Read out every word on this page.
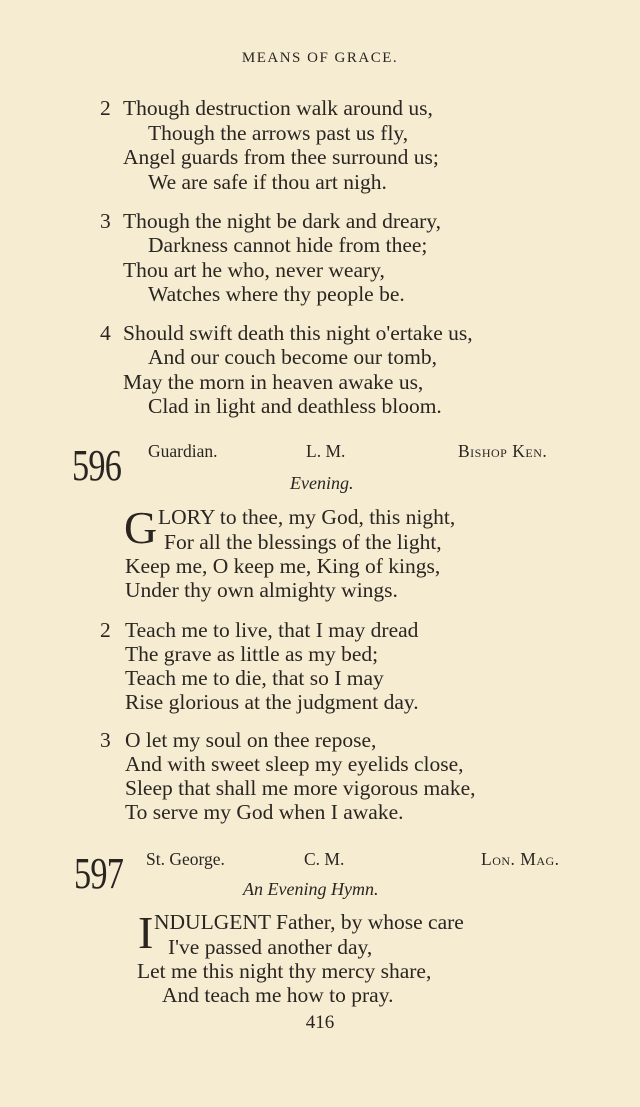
MEANS OF GRACE.
2 Though destruction walk around us,
Though the arrows past us fly,
Angel guards from thee surround us;
We are safe if thou art nigh.
3 Though the night be dark and dreary,
Darkness cannot hide from thee;
Thou art he who, never weary,
Watches where thy people be.
4 Should swift death this night o'ertake us,
And our couch become our tomb,
May the morn in heaven awake us,
Clad in light and deathless bloom.
596 Guardian.	L. M.	Bishop Ken.
Evening.
G LORY to thee, my God, this night,
For all the blessings of the light,
Keep me, O keep me, King of kings,
Under thy own almighty wings.
2 Teach me to live, that I may dread
The grave as little as my bed;
Teach me to die, that so I may
Rise glorious at the judgment day.
3 O let my soul on thee repose,
And with sweet sleep my eyelids close,
Sleep that shall me more vigorous make,
To serve my God when I awake.
597 St. George.	C. M.	Lon. Mag.
An Evening Hymn.
I NDULGENT Father, by whose care
I've passed another day,
Let me this night thy mercy share,
And teach me how to pray.
416
